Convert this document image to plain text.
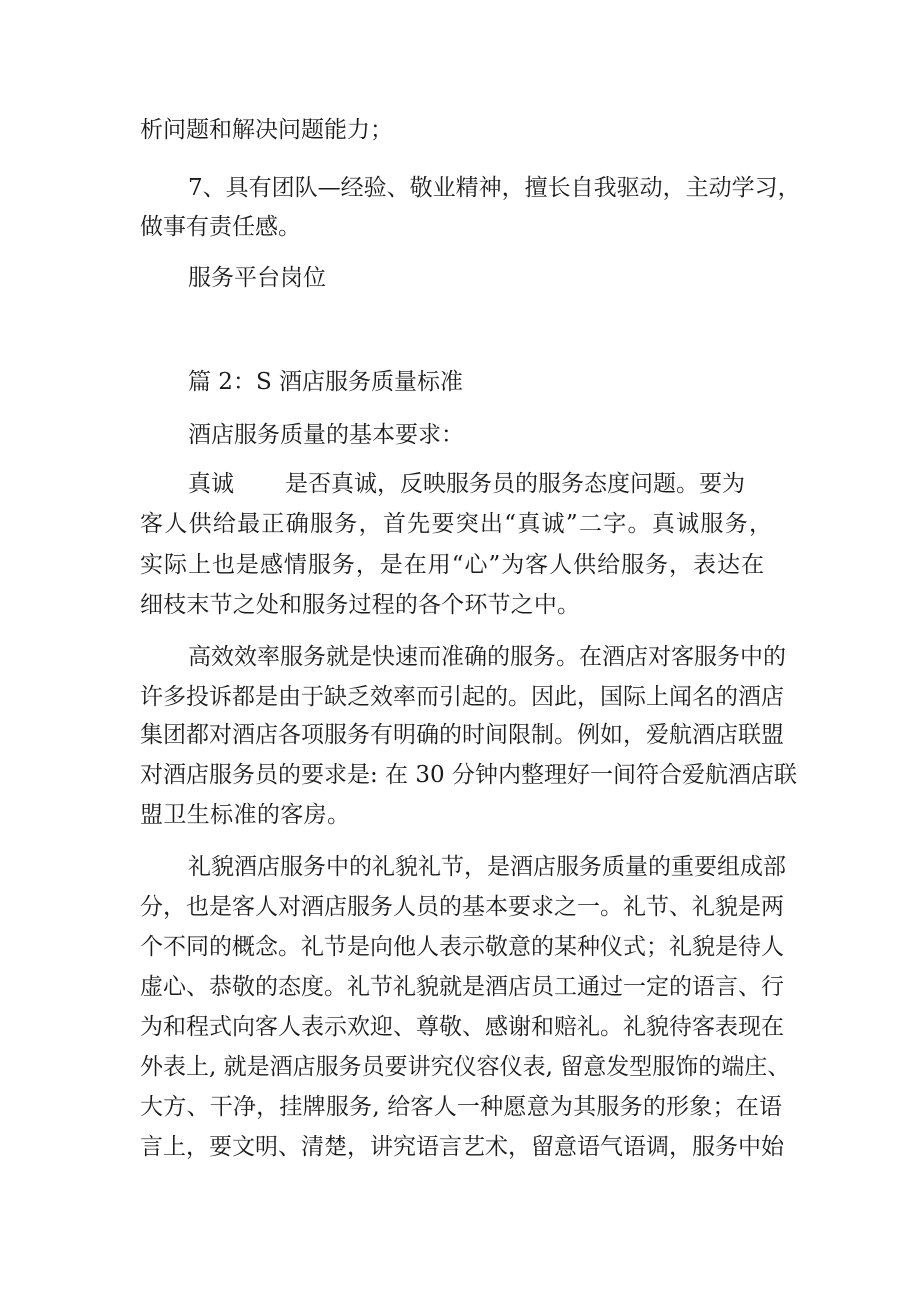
析问题和解决问题能力；
7、具有团队—经验、敬业精神，擅长自我驱动，主动学习，
做事有责任感。
服务平台岗位
篇 2：S 酒店服务质量标准
酒店服务质量的基本要求：
真诚 是否真诚，反映服务员的服务态度问题。要为
客人供给最正确服务，首先要突出“真诚”二字。真诚服务，
实际上也是感情服务，是在用“心”为客人供给服务，表达在
细枝末节之处和服务过程的各个环节之中。
高效效率服务就是快速而准确的服务。在酒店对客服务中的
许多投诉都是由于缺乏效率而引起的。因此，国际上闻名的酒店
集团都对酒店各项服务有明确的时间限制。例如，爱航酒店联盟
对酒店服务员的要求是: 在 30 分钟内整理好一间符合爱航酒店联
盟卫生标准的客房。
礼貌酒店服务中的礼貌礼节，是酒店服务质量的重要组成部
分，也是客人对酒店服务人员的基本要求之一。礼节、礼貌是两
个不同的概念。礼节是向他人表示敬意的某种仪式；礼貌是待人
虚心、恭敬的态度。礼节礼貌就是酒店员工通过一定的语言、行
为和程式向客人表示欢迎、尊敬、感谢和赔礼。礼貌待客表现在
外表上, 就是酒店服务员要讲究仪容仪表, 留意发型服饰的端庄、
大方、干净，挂牌服务, 给客人一种愿意为其服务的形象；在语
言上，要文明、清楚，讲究语言艺术，留意语气语调，服务中始
